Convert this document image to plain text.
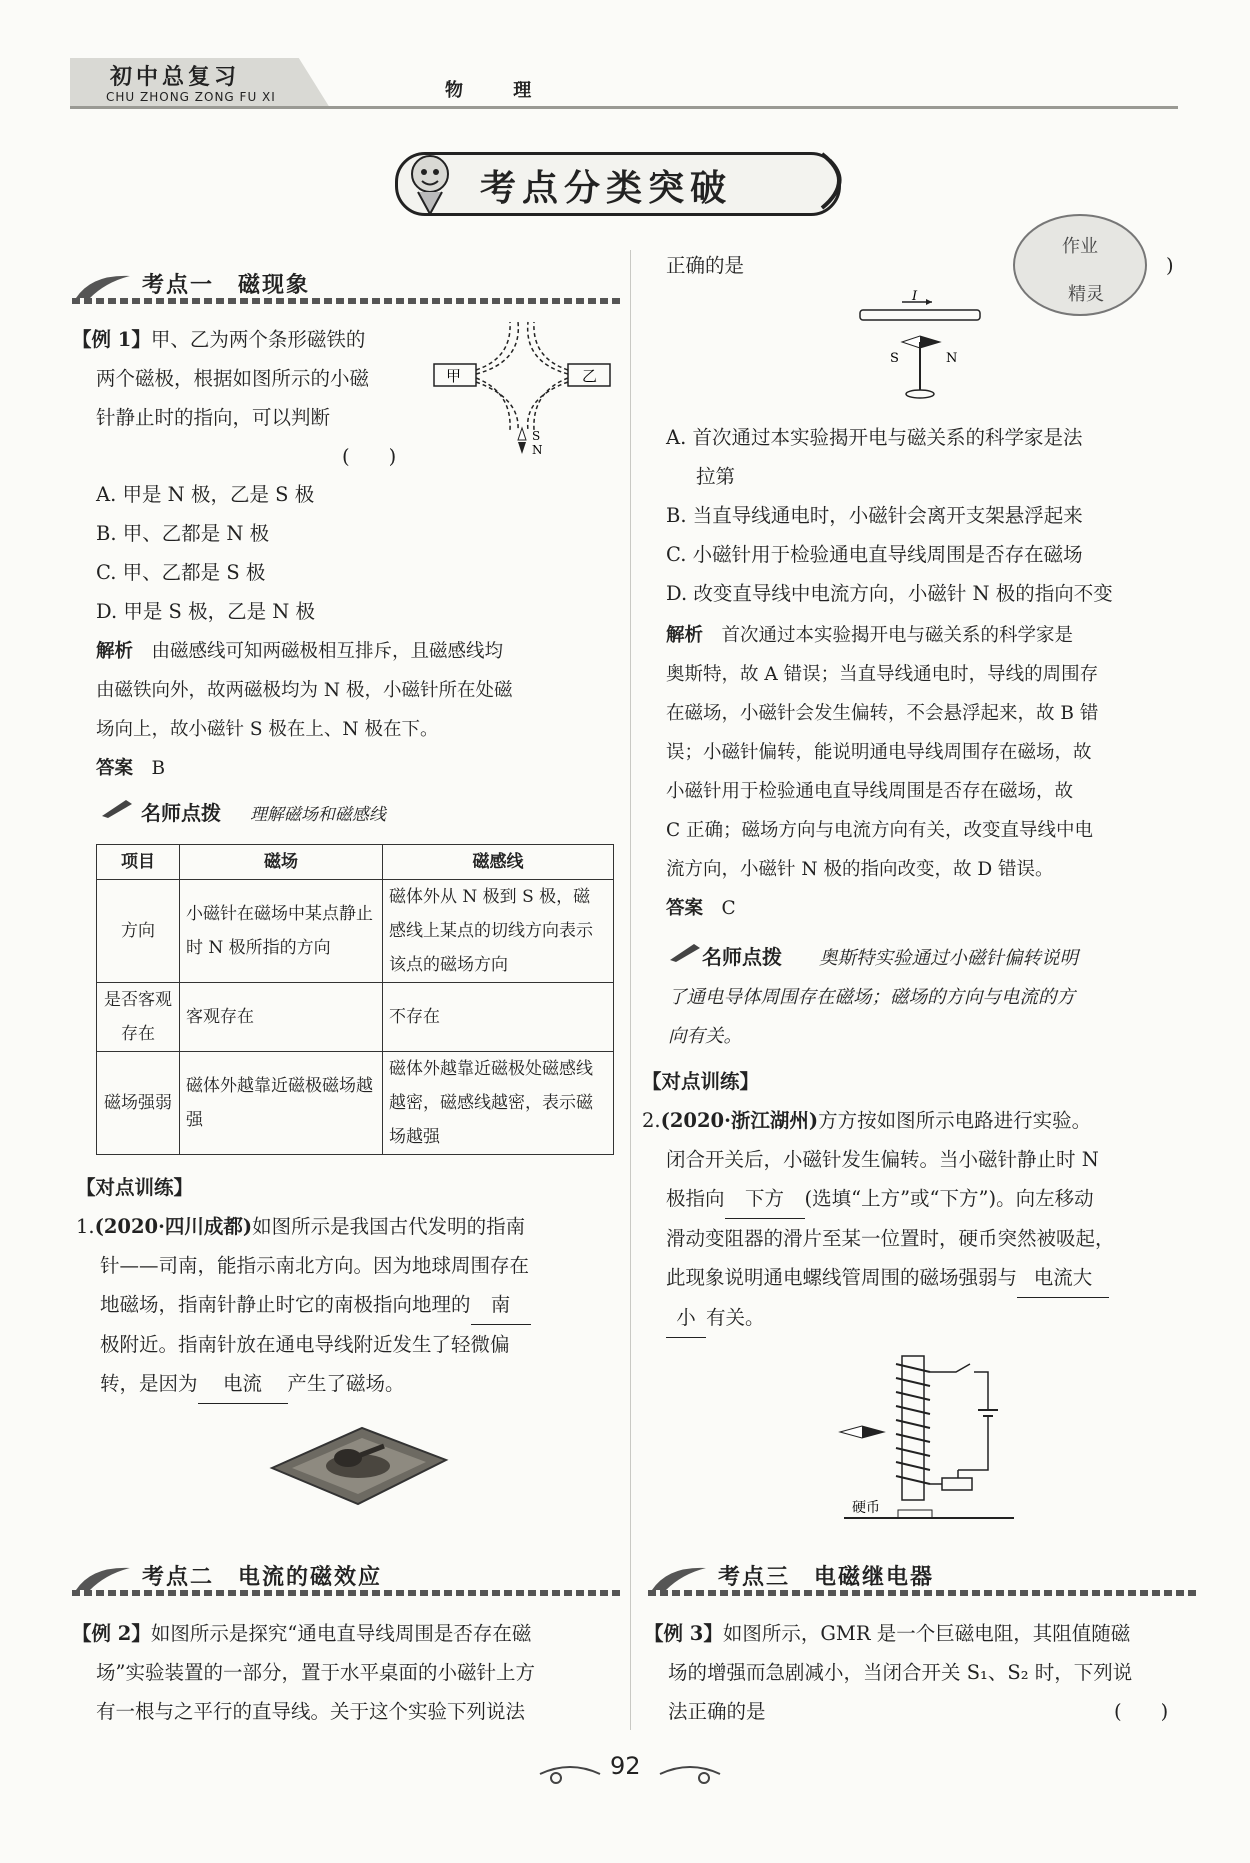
初中总复习
CHU ZHONG ZONG FU XI	物 理
考点分类突破
作业
精灵
考点一　磁现象
【例 1】甲、乙为两个条形磁铁的
两个磁极，根据如图所示的小磁
针静止时的指向，可以判断
(　　)
甲	乙
S
N
A. 甲是 N 极，乙是 S 极
B. 甲、乙都是 N 极
C. 甲、乙都是 S 极
D. 甲是 S 极，乙是 N 极
解析　 由磁感线可知两磁极相互排斥，且磁感线均
由磁铁向外，故两磁极均为 N 极，小磁针所在处磁
场向上，故小磁针 S 极在上、N 极在下。
答案　 B
名师点拨 理解磁场和磁感线
项目	磁场	磁感线
方向	小磁针在磁场中某点静止时 N 极所指的方向	磁体外从 N 极到 S 极，磁感线上某点的切线方向表示该点的磁场方向
是否客观存在	客观存在	不存在
磁场强弱	磁体外越靠近磁极磁场越强	磁体外越靠近磁极处磁感线越密，磁感线越密，表示磁场越强
【对点训练】
1.(2020·四川成都)如图所示是我国古代发明的指南
针——司南，能指示南北方向。因为地球周围存在
地磁场，指南针静止时它的南极指向地理的 南
极附近。指南针放在通电导线附近发生了轻微偏
转，是因为 电流 产生了磁场。
考点二　电流的磁效应
【例 2】如图所示是探究“通电直导线周围是否存在磁
场”实验装置的一部分，置于水平桌面的小磁针上方
有一根与之平行的直导线。关于这个实验下列说法
正确的是	)
I
S	N
A. 首次通过本实验揭开电与磁关系的科学家是法
拉第
B. 当直导线通电时，小磁针会离开支架悬浮起来
C. 小磁针用于检验通电直导线周围是否存在磁场
D. 改变直导线中电流方向，小磁针 N 极的指向不变
解析　 首次通过本实验揭开电与磁关系的科学家是
奥斯特，故 A 错误；当直导线通电时，导线的周围存
在磁场，小磁针会发生偏转，不会悬浮起来，故 B 错
误；小磁针偏转，能说明通电导线周围存在磁场，故
小磁针用于检验通电直导线周围是否存在磁场，故
C 正确；磁场方向与电流方向有关，改变直导线中电
流方向，小磁针 N 极的指向改变，故 D 错误。
答案　 C
名师点拨　　 奥斯特实验通过小磁针偏转说明
了通电导体周围存在磁场；磁场的方向与电流的方
向有关。
【对点训练】
2.(2020·浙江湖州)方方按如图所示电路进行实验。
闭合开关后，小磁针发生偏转。当小磁针静止时 N
极指向 下方 (选填“上方”或“下方”)。向左移动
滑动变阻器的滑片至某一位置时，硬币突然被吸起，
此现象说明通电螺线管周围的磁场强弱与 电流大
小 有关。
硬币
考点三　电磁继电器
【例 3】如图所示，GMR 是一个巨磁电阻，其阻值随磁
场的增强而急剧减小，当闭合开关 S₁、S₂ 时，下列说
法正确的是	(　　)
92
